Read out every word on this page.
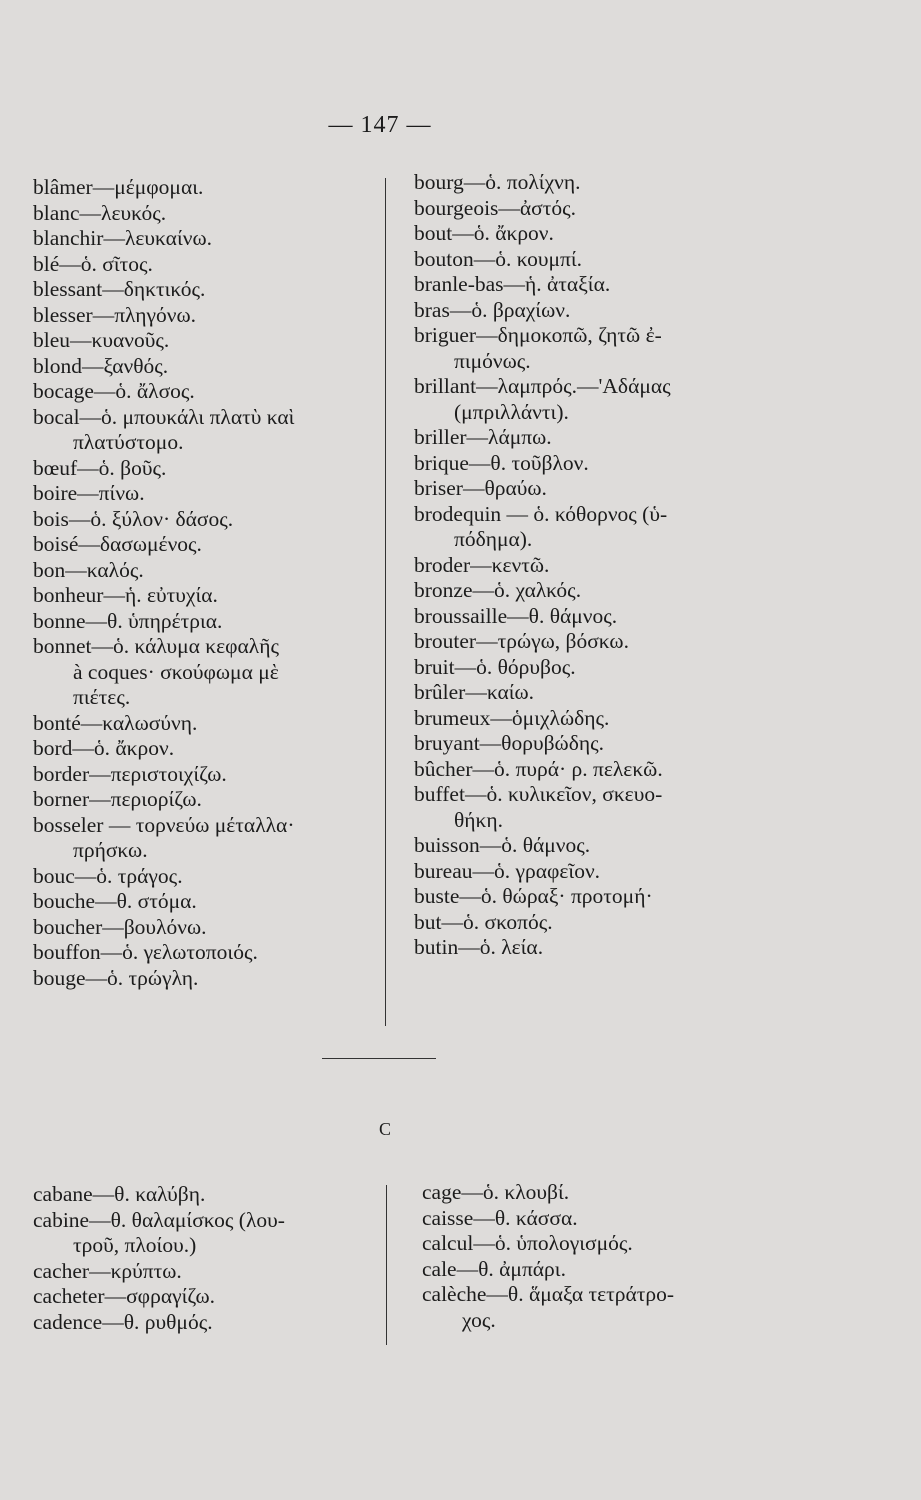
— 147 —

blâmer—μέμφομαι.

blanc—λευκός.

blanchir—λευκαίνω.

blé—ὁ. σῖτος.

blessant—δηκτικός.

blesser—πληγόνω.

bleu—κυανοῦς.

blond—ξανθός.

bocage—ὁ. ἄλσος.

bocal—ὁ. μπουκάλι πλατὺ καὶ

πλατύστομο.

bœuf—ὁ. βοῦς.

boire—πίνω.

bois—ὁ. ξύλον· δάσος.

boisé—δασωμένος.

bon—καλός.

bonheur—ἡ. εὐτυχία.

bonne—θ. ὑπηρέτρια.

bonnet—ὁ. κάλυμα κεφαλῆς

à coques· σκούφωμα μὲ

πιέτες.

bonté—καλωσύνη.

bord—ὁ. ἄκρον.

border—περιστοιχίζω.

borner—περιορίζω.

bosseler — τορνεύω μέταλλα·

πρήσκω.

bouc—ὁ. τράγος.

bouche—θ. στόμα.

boucher—βουλόνω.

bouffon—ὁ. γελωτοποιός.

bouge—ὁ. τρώγλη.

bourg—ὁ. πολίχνη.

bourgeois—ἀστός.

bout—ὁ. ἄκρον.

bouton—ὁ. κουμπί.

branle-bas—ἡ. ἀταξία.

bras—ὁ. βραχίων.

briguer—δημοκοπῶ, ζητῶ ἐ-

πιμόνως.

brillant—λαμπρός.—'Αδάμας

(μπριλλάντι).

briller—λάμπω.

brique—θ. τοῦβλον.

briser—θραύω.

brodequin — ὁ. κόθορνος (ὑ-

πόδημα).

broder—κεντῶ.

bronze—ὁ. χαλκός.

broussaille—θ. θάμνος.

brouter—τρώγω, βόσκω.

bruit—ὁ. θόρυβος.

brûler—καίω.

brumeux—ὁμιχλώδης.

bruyant—θορυβώδης.

bûcher—ὁ. πυρά· ρ. πελεκῶ.

buffet—ὁ. κυλικεῖον, σκευο-

θήκη.

buisson—ὁ. θάμνος.

bureau—ὁ. γραφεῖον.

buste—ὁ. θώραξ· προτομή·

but—ὁ. σκοπός.

butin—ὁ. λεία.

c

cabane—θ. καλύβη.

cabine—θ. θαλαμίσκος (λου-

τροῦ, πλοίου.)

cacher—κρύπτω.

cacheter—σφραγίζω.

cadence—θ. ρυθμός.

cage—ὁ. κλουβί.

caisse—θ. κάσσα.

calcul—ὁ. ὑπολογισμός.

cale—θ. ἀμπάρι.

calèche—θ. ἅμαξα τετράτρο-

χος.
